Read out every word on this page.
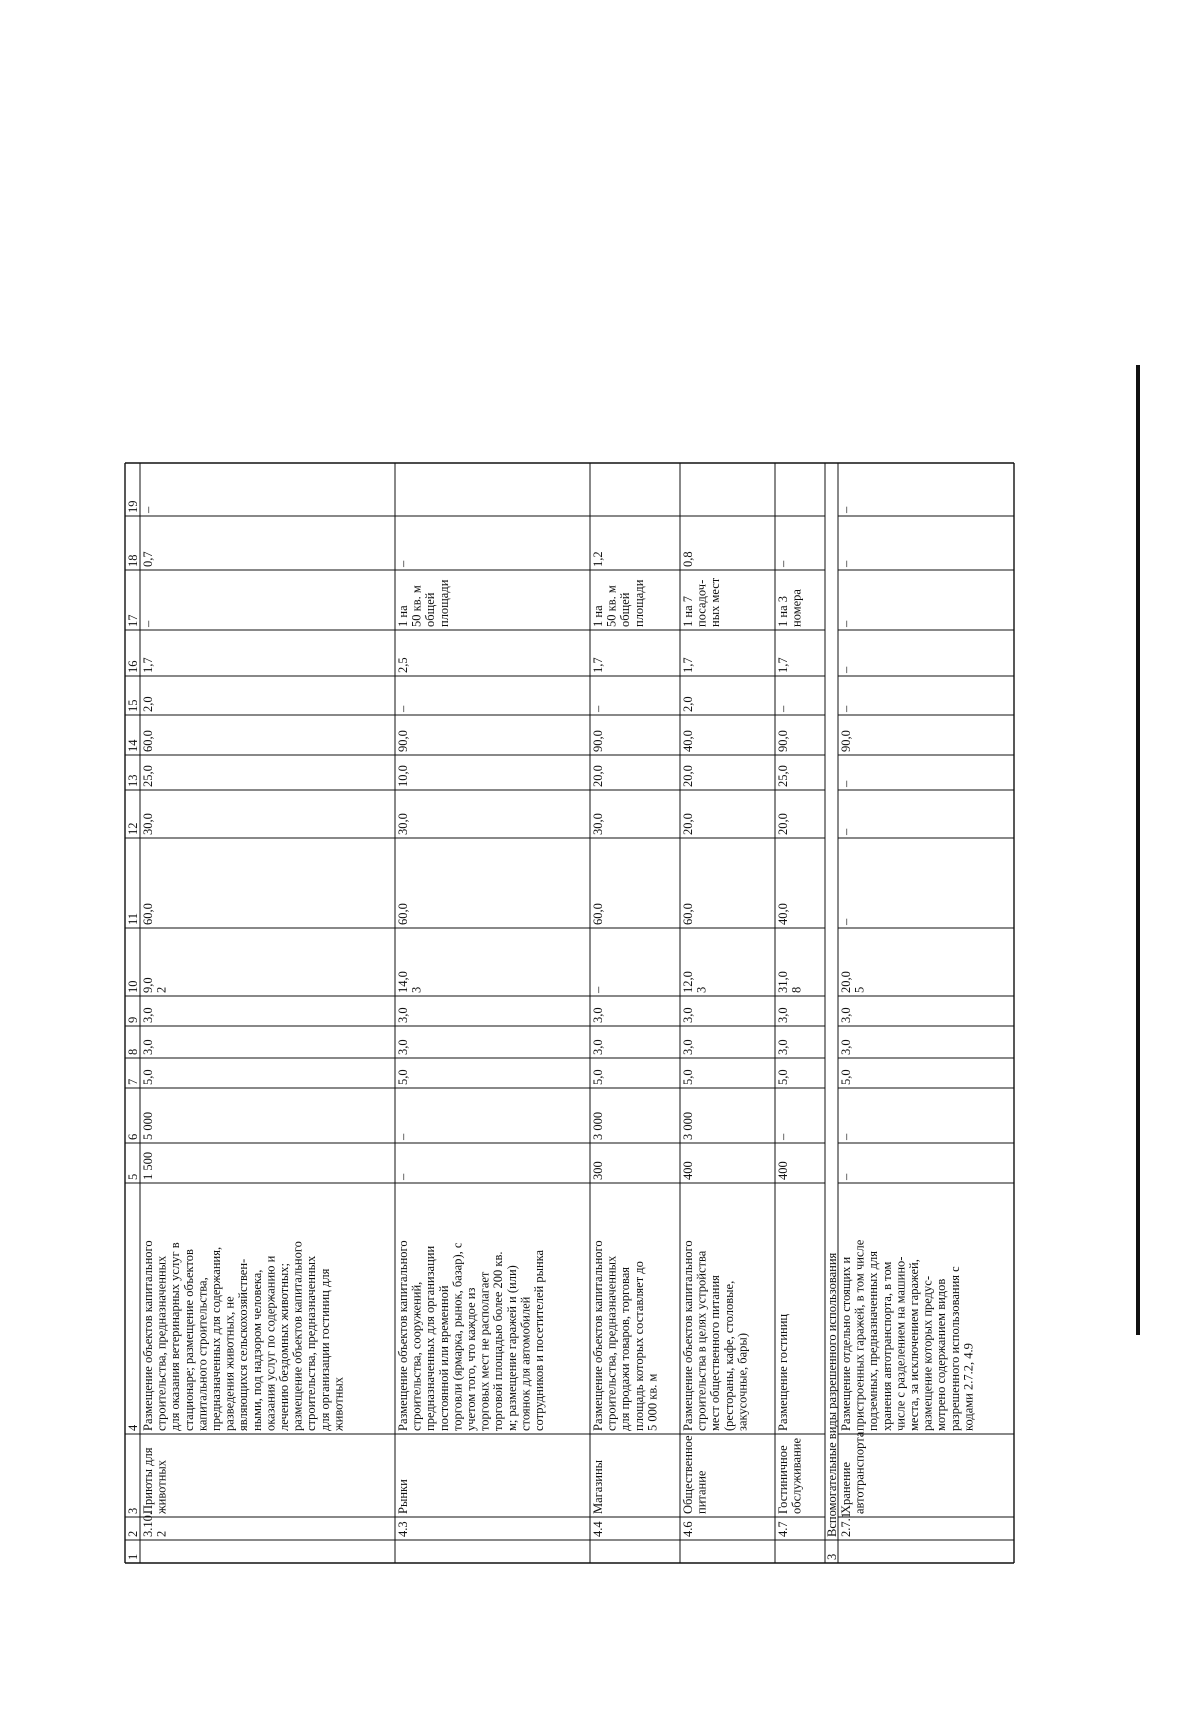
1
2
3
4
5
6
7
8
9
10
11
12
13
14
15
16
17
18
19
3.10. 2
Приюты для животных
Размещение объектов капитального строительства, предназначенных для оказания ветеринарных услуг в стационаре; размещение объектов капитального строительства, предназначенных для содержания, разведения животных, не являющихся сельскохозяйствен- ными, под надзором человека, оказания услуг по содержанию и лечению бездомных животных; размещение объектов капитального строительства, предназначенных для организации гостиниц для животных
1 500
5 000
5,0
3,0
3,0
9,0 2
60,0
30,0
25,0
60,0
2,0
1,7
–
0,7
–
4.3
Рынки
Размещение объектов капитального строительства, сооружений, предназначенных для организации постоянной или временной торговли (ярмарка, рынок, базар), с учетом того, что каждое из торговых мест не располагает торговой площадью более 200 кв. м; размещение гаражей и (или) стоянок для автомобилей сотрудников и посетителей рынка
–
–
5,0
3,0
3,0
14,0 3
60,0
30,0
10,0
90,0
–
2,5
1 на 50 кв. м общей площади
–
4.4
Магазины
Размещение объектов капитального строительства, предназначенных для продажи товаров, торговая площадь которых составляет до 5 000 кв. м
300
3 000
5,0
3,0
3,0
–
60,0
30,0
20,0
90,0
–
1,7
1 на 50 кв. м общей площади
1,2
4.6
Общественное питание
Размещение объектов капитального строительства в целях устройства мест общественного питания (рестораны, кафе, столовые, закусочные, бары)
400
3 000
5,0
3,0
3,0
12,0 3
60,0
20,0
20,0
40,0
2,0
1,7
1 на 7 посадоч- ных мест
0,8
4.7
Гостиничное обслуживание
Размещение гостиниц
400
–
5,0
3,0
3,0
31,0 8
40,0
20,0
25,0
90,0
–
1,7
1 на 3 номера
–
3
Вспомогательные виды разрешенного использования 2.7.1
Хранение автотранспорта
Размещение отдельно стоящих и пристроенных гаражей, в том числе подземных, предназначенных для хранения автотранспорта, в том числе с разделением на машино- места, за исключением гаражей, размещение которых предус- мотрено содержанием видов разрешенного использования с кодами 2.7.2, 4.9
–
–
5,0
3,0
3,0
20,0 5
–
–
–
90,0
–
–
–
–
–
